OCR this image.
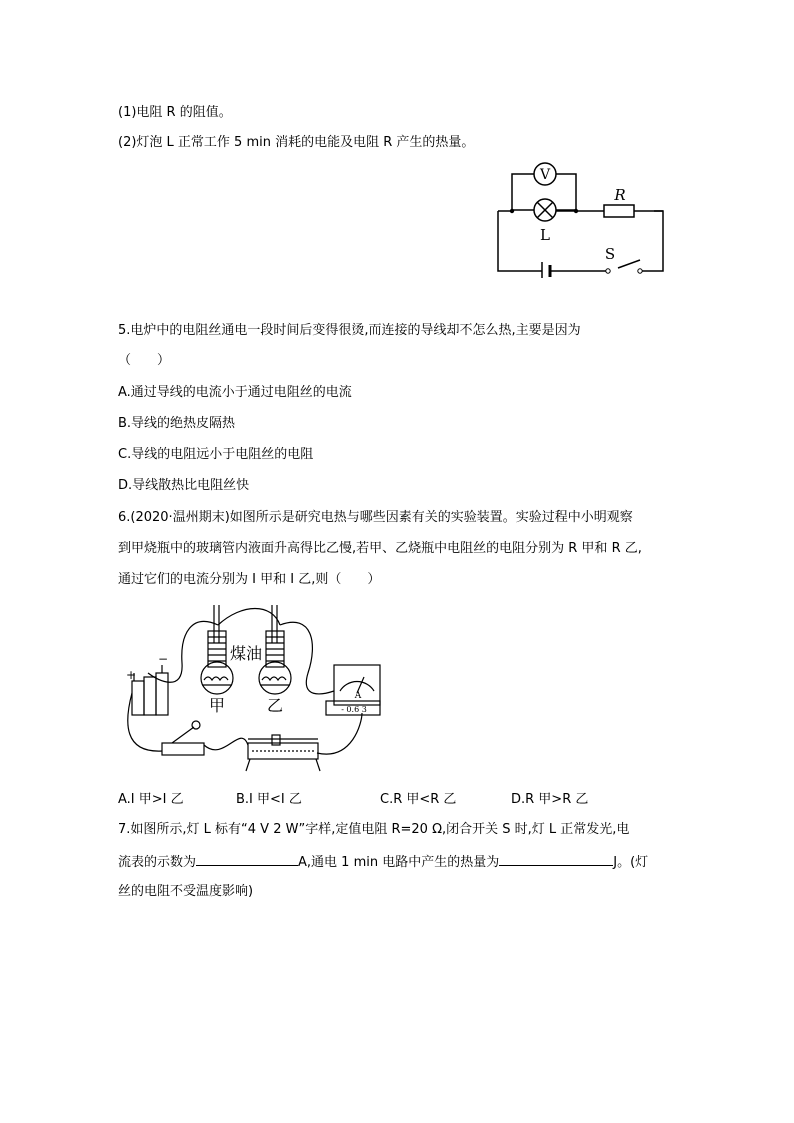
(1)电阻 R 的阻值。
(2)灯泡 L 正常工作 5 min 消耗的电能及电阻 R 产生的热量。
V
L
R
S
5.电炉中的电阻丝通电一段时间后变得很烫,而连接的导线却不怎么热,主要是因为
（　　）
A.通过导线的电流小于通过电阻丝的电流
B.导线的绝热皮隔热
C.导线的电阻远小于电阻丝的电阻
D.导线散热比电阻丝快
6.(2020·温州期末)如图所示是研究电热与哪些因素有关的实验装置。实验过程中小明观察
到甲烧瓶中的玻璃管内液面升高得比乙慢,若甲、乙烧瓶中电阻丝的电阻分别为 R 甲和 R 乙,
通过它们的电流分别为 I 甲和 I 乙,则（　　）
+
−	煤油
甲	乙	A
- 0.6 3
A.I 甲>I 乙	B.I 甲<I 乙	C.R 甲<R 乙	D.R 甲>R 乙
7.如图所示,灯 L 标有“4 V 2 W”字样,定值电阻 R=20 Ω,闭合开关 S 时,灯 L 正常发光,电
流表的示数为	A,通电 1 min 电路中产生的热量为	J。(灯
丝的电阻不受温度影响)
